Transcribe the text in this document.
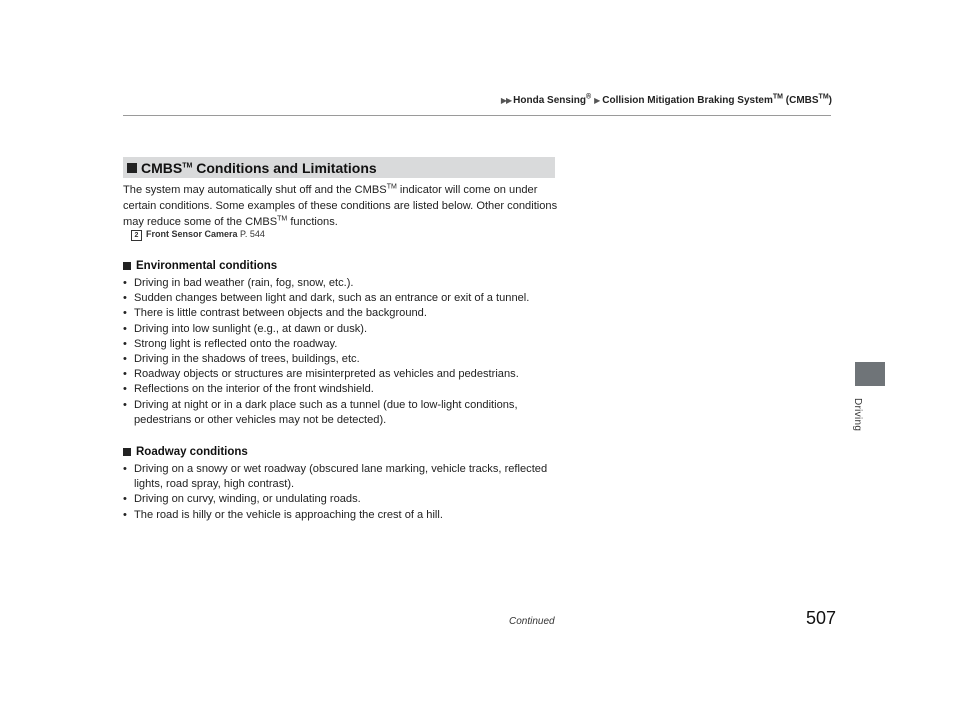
▶▶ Honda Sensing® ▶ Collision Mitigation Braking System™ (CMBS™)
Driving
CMBS™ Conditions and Limitations

The system may automatically shut off and the CMBS™ indicator will come on under certain conditions. Some examples of these conditions are listed below. Other conditions may reduce some of the CMBS™ functions.

2 Front Sensor Camera P. 544
Environmental conditions
• Driving in bad weather (rain, fog, snow, etc.).
• Sudden changes between light and dark, such as an entrance or exit of a tunnel.
• There is little contrast between objects and the background.
• Driving into low sunlight (e.g., at dawn or dusk).
• Strong light is reflected onto the roadway.
• Driving in the shadows of trees, buildings, etc.
• Roadway objects or structures are misinterpreted as vehicles and pedestrians.
• Reflections on the interior of the front windshield.
• Driving at night or in a dark place such as a tunnel (due to low-light conditions, pedestrians or other vehicles may not be detected).
Roadway conditions
• Driving on a snowy or wet roadway (obscured lane marking, vehicle tracks, reflected lights, road spray, high contrast).
• Driving on curvy, winding, or undulating roads.
• The road is hilly or the vehicle is approaching the crest of a hill.
Continued	507
